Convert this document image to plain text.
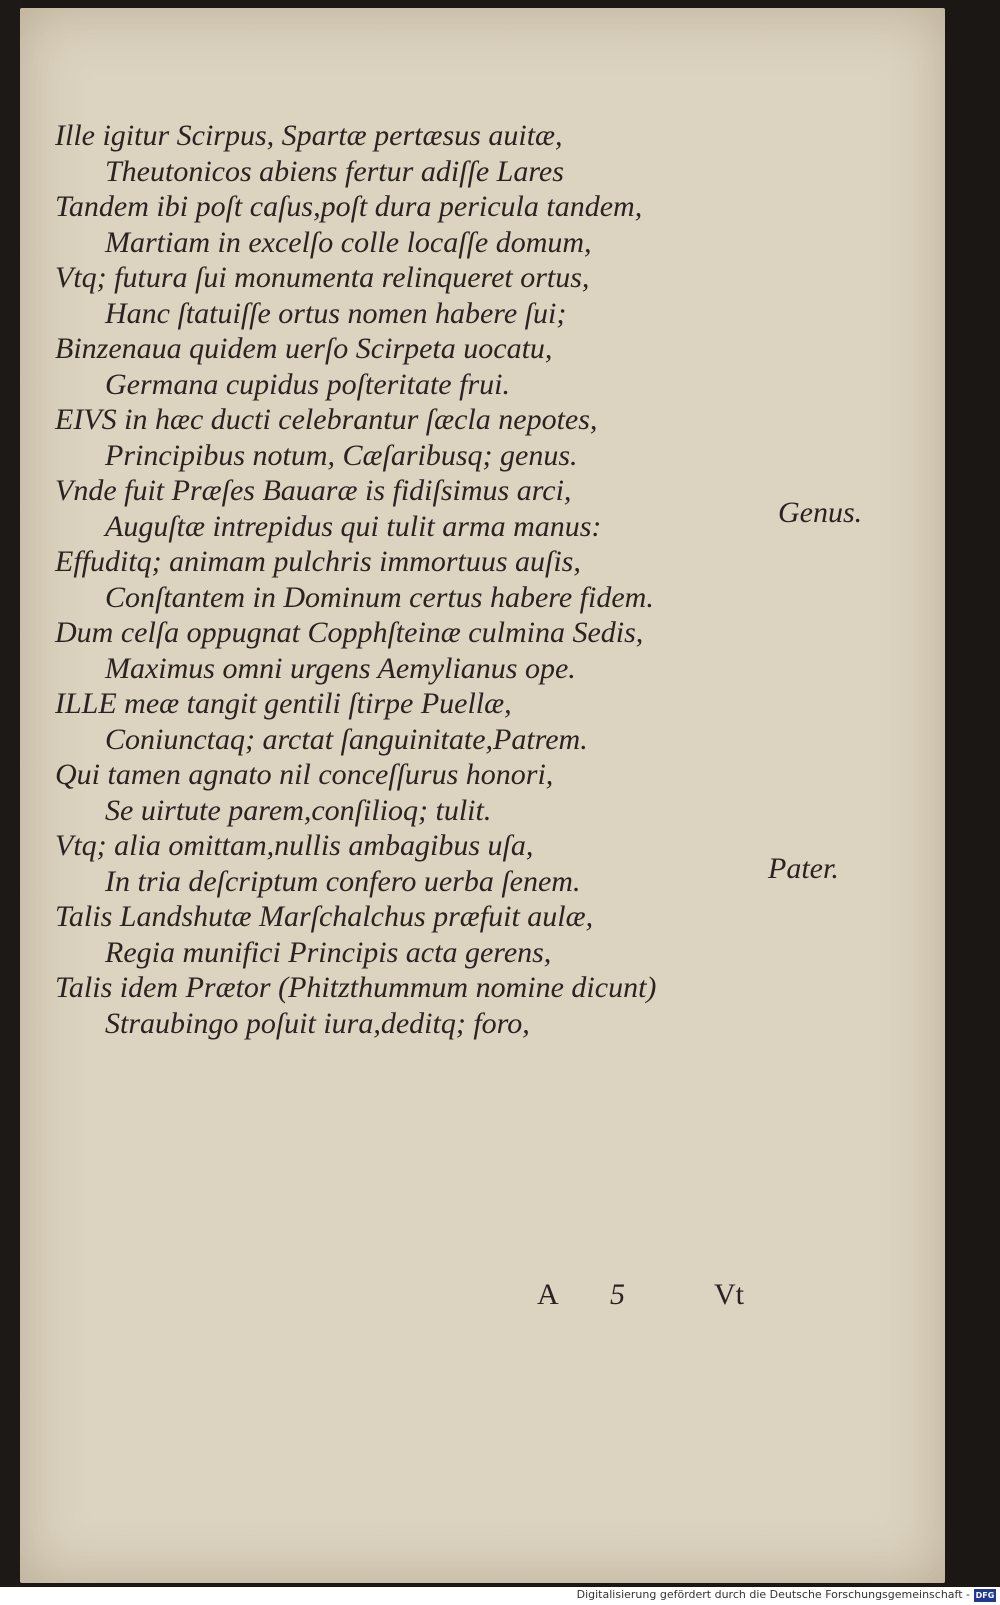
Ille igitur Scirpus, Spartæ pertæsus auitæ,
Theutonicos abiens fertur adiſſe Lares
Tandem ibi poſt caſus,poſt dura pericula tandem,
Martiam in excelſo colle locaſſe domum,
Vtq; futura ſui monumenta relinqueret ortus,
Hanc ſtatuiſſe ortus nomen habere ſui;
Binzenaua quidem uerſo Scirpeta uocatu,
Germana cupidus poſteritate frui.
EIVS in hæc ducti celebrantur ſæcla nepotes,
Principibus notum, Cæſaribusq; genus.
Vnde fuit Præſes Bauaræ is fidiſsimus arci,
Auguſtæ intrepidus qui tulit arma manus:
Effuditq; animam pulchris immortuus auſis,
Conſtantem in Dominum certus habere fidem.
Dum celſa oppugnat Copphſteinæ culmina Sedis,
Maximus omni urgens Aemylianus ope.
ILLE meæ tangit gentili ſtirpe Puellæ,
Coniunctaq; arctat ſanguinitate,Patrem.
Qui tamen agnato nil conceſſurus honori,
Se uirtute parem,conſilioq; tulit.
Vtq; alia omittam,nullis ambagibus uſa,
In tria deſcriptum confero uerba ſenem.
Talis Landshutæ Marſchalchus præfuit aulæ,
Regia munifici Principis acta gerens,
Talis idem Prætor (Phitzthummum nomine dicunt)
Straubingo poſuit iura,deditq; foro,
Genus.
Pater.
A 5	Vt
Digitalisierung gefördert durch die Deutsche Forschungsgemeinschaft - DFG
